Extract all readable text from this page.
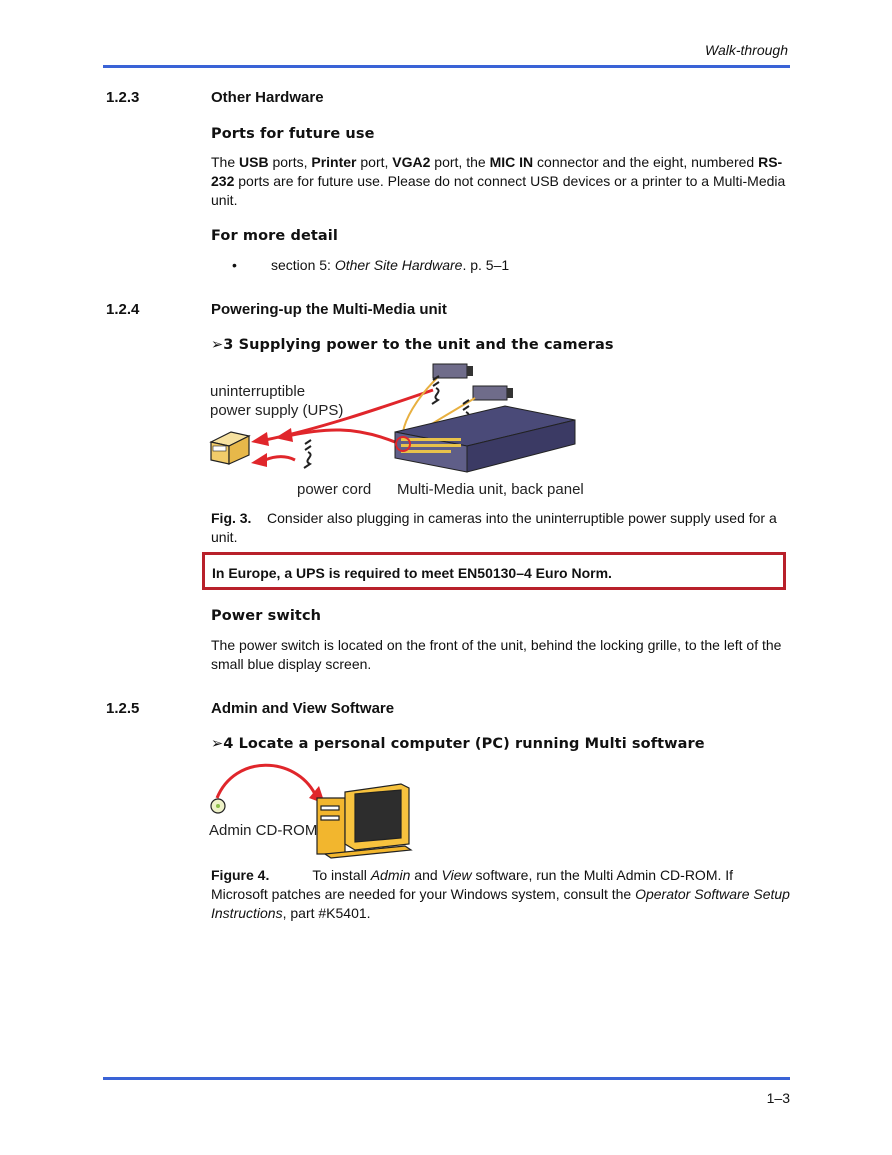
Walk-through
1.2.3	Other Hardware
Ports for future use
The USB ports, Printer port, VGA2 port, the MIC IN connector and the eight, numbered RS-232 ports are for future use. Please do not connect USB devices or a printer to a Multi-Media unit.
For more detail
• section 5: Other Site Hardware. p. 5–1
1.2.4	Powering-up the Multi-Media unit
➢3 Supplying power to the unit and the cameras
uninterruptible
power supply (UPS)
power cord Multi-Media unit, back panel
Fig. 3. Consider also plugging in cameras into the uninterruptible power supply used for a unit.
In Europe, a UPS is required to meet EN50130–4 Euro Norm.
Power switch
The power switch is located on the front of the unit, behind the locking grille, to the left of the small blue display screen.
1.2.5	Admin and View Software
➢4 Locate a personal computer (PC) running Multi software
Admin CD-ROM
Figure 4.	To install Admin and View software, run the Multi Admin CD-ROM. If Microsoft patches are needed for your Windows system, consult the Operator Software Setup Instructions, part #K5401.
1–3
